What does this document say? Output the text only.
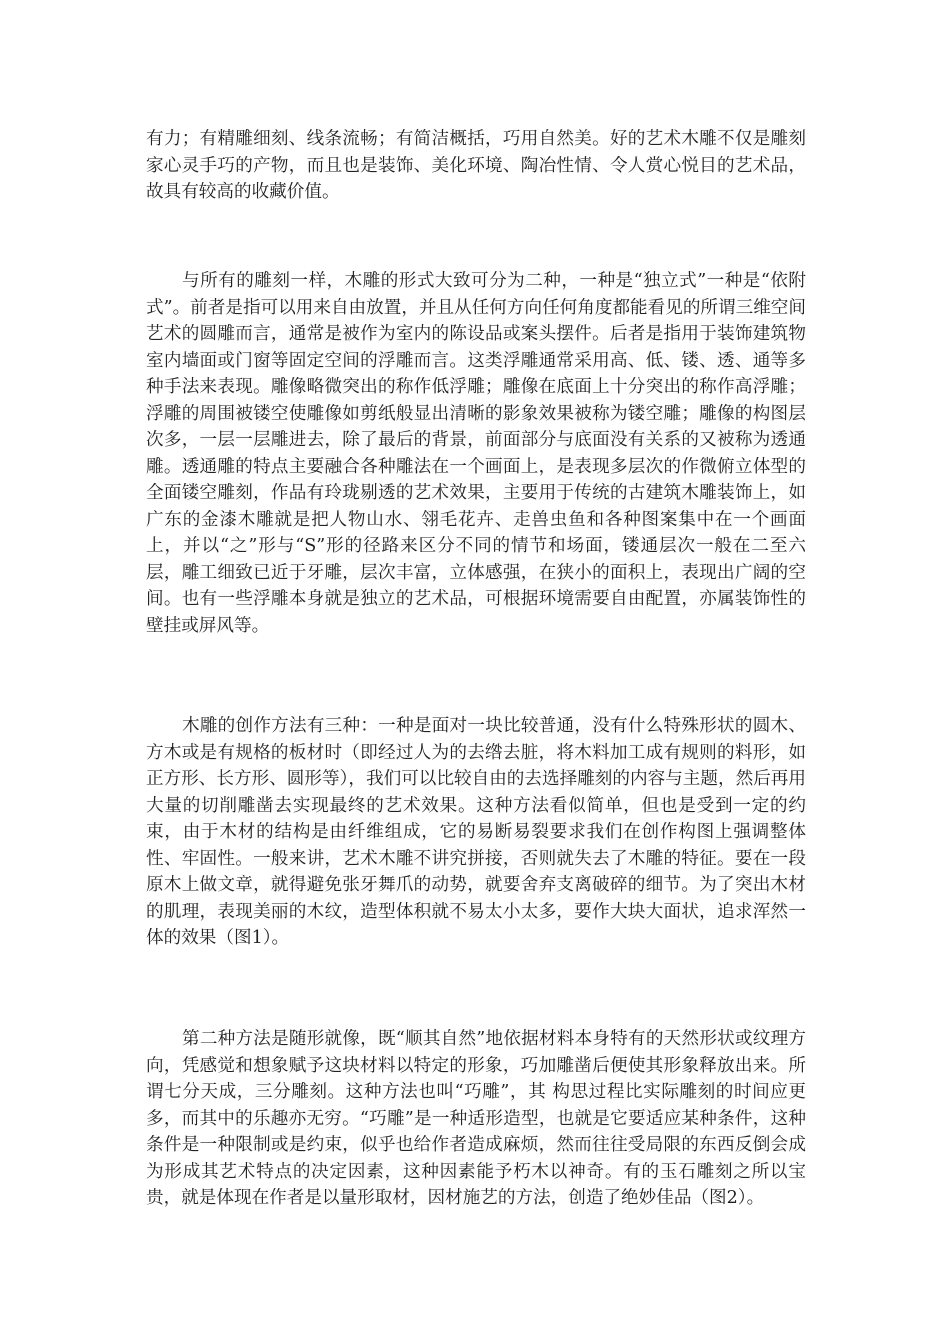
有力；有精雕细刻、线条流畅；有简洁概括，巧用自然美。好的艺术木雕不仅是雕刻家心灵手巧的产物，而且也是装饰、美化环境、陶冶性情、令人赏心悦目的艺术品，故具有较高的收藏价值。

与所有的雕刻一样，木雕的形式大致可分为二种，一种是“独立式”一种是“依附式”。前者是指可以用来自由放置，并且从任何方向任何角度都能看见的所谓三维空间艺术的圆雕而言，通常是被作为室内的陈设品或案头摆件。后者是指用于装饰建筑物室内墙面或门窗等固定空间的浮雕而言。这类浮雕通常采用高、低、镂、透、通等多种手法来表现。雕像略微突出的称作低浮雕；雕像在底面上十分突出的称作高浮雕；浮雕的周围被镂空使雕像如剪纸般显出清晰的影象效果被称为镂空雕；雕像的构图层次多，一层一层雕进去，除了最后的背景，前面部分与底面没有关系的又被称为透通雕。透通雕的特点主要融合各种雕法在一个画面上，是表现多层次的作微俯立体型的全面镂空雕刻，作品有玲珑剔透的艺术效果，主要用于传统的古建筑木雕装饰上，如广东的金漆木雕就是把人物山水、翎毛花卉、走兽虫鱼和各种图案集中在一个画面上，并以“之”形与“S”形的径路来区分不同的情节和场面，镂通层次一般在二至六层，雕工细致已近于牙雕，层次丰富，立体感强，在狭小的面积上，表现出广阔的空间。也有一些浮雕本身就是独立的艺术品，可根据环境需要自由配置，亦属装饰性的壁挂或屏风等。

木雕的创作方法有三种：一种是面对一块比较普通，没有什么特殊形状的圆木、方木或是有规格的板材时（即经过人为的去绺去脏，将木料加工成有规则的料形，如正方形、长方形、圆形等），我们可以比较自由的去选择雕刻的内容与主题，然后再用大量的切削雕凿去实现最终的艺术效果。这种方法看似简单，但也是受到一定的约束，由于木材的结构是由纤维组成，它的易断易裂要求我们在创作构图上强调整体性、牢固性。一般来讲，艺术木雕不讲究拼接，否则就失去了木雕的特征。要在一段原木上做文章，就得避免张牙舞爪的动势，就要舍弃支离破碎的细节。为了突出木材的肌理，表现美丽的木纹，造型体积就不易太小太多，要作大块大面状，追求浑然一体的效果（图1）。

第二种方法是随形就像，既“顺其自然”地依据材料本身特有的天然形状或纹理方向，凭感觉和想象赋予这块材料以特定的形象，巧加雕凿后便使其形象释放出来。所谓七分天成，三分雕刻。这种方法也叫“巧雕”，其 构思过程比实际雕刻的时间应更多，而其中的乐趣亦无穷。“巧雕”是一种适形造型，也就是它要适应某种条件，这种条件是一种限制或是约束，似乎也给作者造成麻烦，然而往往受局限的东西反倒会成为形成其艺术特点的决定因素，这种因素能予朽木以神奇。有的玉石雕刻之所以宝贵，就是体现在作者是以量形取材，因材施艺的方法，创造了绝妙佳品（图2）。
